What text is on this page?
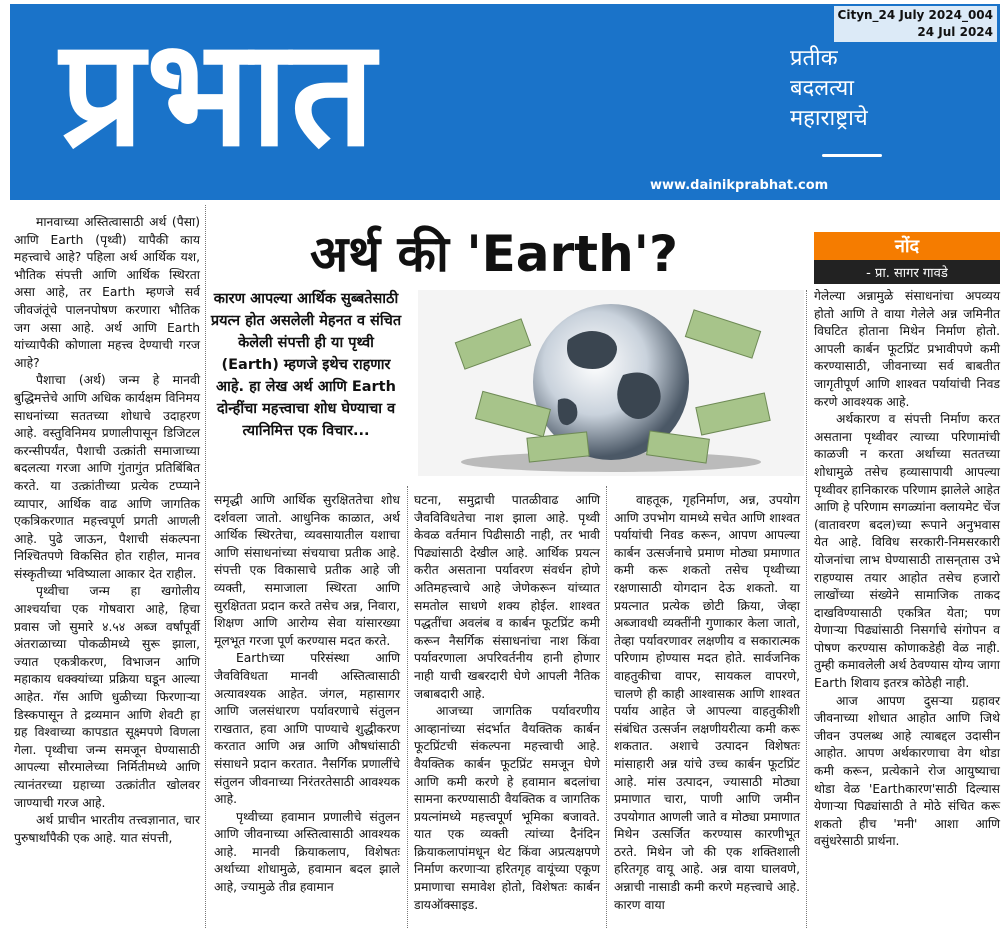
प्रभात	प्रतीक
बदलत्या
महाराष्ट्राचे
www.dainikprabhat.com
Cityn_24 July 2024_004
24 Jul 2024

मानवाच्या अस्तित्वासाठी अर्थ (पैसा) आणि Earth (पृथ्वी) यापैकी काय महत्त्वाचे आहे? पहिला अर्थ आर्थिक यश, भौतिक संपत्ती आणि आर्थिक स्थिरता असा आहे, तर Earth म्हणजे सर्व जीवजंतूंचे पालनपोषण करणारा भौतिक जग असा आहे. अर्थ आणि Earth यांच्यापैकी कोणाला महत्त्व देण्याची गरज आहे?

पैशाचा (अर्थ) जन्म हे मानवी बुद्धिमत्तेचे आणि अधिक कार्यक्षम विनिमय साधनांच्या सततच्या शोधाचे उदाहरण आहे. वस्तुविनिमय प्रणालीपासून डिजिटल करन्सीपर्यंत, पैशाची उत्क्रांती समाजाच्या बदलत्या गरजा आणि गुंतागुंत प्रतिबिंबित करते. या उत्क्रांतीच्या प्रत्येक टप्प्याने व्यापार, आर्थिक वाढ आणि जागतिक एकत्रिकरणात महत्त्वपूर्ण प्रगती आणली आहे. पुढे जाऊन, पैशाची संकल्पना निश्चितपणे विकसित होत राहील, मानव संस्कृतीच्या भविष्याला आकार देत राहील.

पृथ्वीचा जन्म हा खगोलीय आश्चर्याचा एक गोषवारा आहे, हिचा प्रवास जो सुमारे ४.५४ अब्ज वर्षांपूर्वी अंतराळाच्या पोकळीमध्ये सुरू झाला, ज्यात एकत्रीकरण, विभाजन आणि महाकाय धक्क्यांच्या प्रक्रिया घडून आल्या आहेत. गॅस आणि धुळीच्या फिरणाऱ्या डिस्कपासून ते द्रव्यमान आणि शेवटी हा ग्रह विश्वाच्या कापडात सूक्ष्मपणे विणला गेला. पृथ्वीचा जन्म समजून घेण्यासाठी आपल्या सौरमालेच्या निर्मितीमध्ये आणि त्यानंतरच्या ग्रहाच्या उत्क्रांतीत खोलवर जाण्याची गरज आहे.

अर्थ प्राचीन भारतीय तत्त्वज्ञानात, चार पुरुषार्थांपैकी एक आहे. यात संपत्ती,

अर्थ की 'Earth'?
कारण आपल्या आर्थिक सुब्बतेसाठी प्रयत्न होत असलेली मेहनत व संचित केलेली संपत्ती ही या पृथ्वी (Earth) म्हणजे इथेच राहणार आहे. हा लेख अर्थ आणि Earth दोन्हींचा महत्त्वाचा शोध घेण्याचा व त्यानिमित्त एक विचार...
नोंद
- प्रा. सागर गावडे

समृद्धी आणि आर्थिक सुरक्षिततेचा शोध दर्शवला जातो. आधुनिक काळात, अर्थ आर्थिक स्थिरतेचा, व्यवसायातील यशाचा आणि संसाधनांच्या संचयाचा प्रतीक आहे. संपत्ती एक विकासाचे प्रतीक आहे जी व्यक्ती, समाजाला स्थिरता आणि सुरक्षितता प्रदान करते तसेच अन्न, निवारा, शिक्षण आणि आरोग्य सेवा यांसारख्या मूलभूत गरजा पूर्ण करण्यास मदत करते.

Earthच्या परिसंस्था आणि जैवविविधता मानवी अस्तित्वासाठी अत्यावश्यक आहेत. जंगल, महासागर आणि जलसंधारण पर्यावरणाचे संतुलन राखतात, हवा आणि पाण्याचे शुद्धीकरण करतात आणि अन्न आणि औषधांसाठी संसाधने प्रदान करतात. नैसर्गिक प्रणालींचे संतुलन जीवनाच्या निरंतरतेसाठी आवश्यक आहे.

पृथ्वीच्या हवामान प्रणालीचे संतुलन आणि जीवनाच्या अस्तित्वासाठी आवश्यक आहे. मानवी क्रियाकलाप, विशेषतः अर्थाच्या शोधामुळे, हवामान बदल झाले आहे, ज्यामुळे तीव्र हवामान

घटना, समुद्राची पातळीवाढ आणि जैवविविधतेचा नाश झाला आहे. पृथ्वी केवळ वर्तमान पिढीसाठी नाही, तर भावी पिढ्यांसाठी देखील आहे. आर्थिक प्रयत्न करीत असताना पर्यावरण संवर्धन होणे अतिमहत्त्वाचे आहे जेणेकरून यांच्यात समतोल साधणे शक्य होईल. शाश्वत पद्धतींचा अवलंब व कार्बन फूटप्रिंट कमी करून नैसर्गिक संसाधनांचा नाश किंवा पर्यावरणाला अपरिवर्तनीय हानी होणार नाही याची खबरदारी घेणे आपली नैतिक जबाबदारी आहे.

आजच्या जागतिक पर्यावरणीय आव्हानांच्या संदर्भात वैयक्तिक कार्बन फूटप्रिंटची संकल्पना महत्त्वाची आहे. वैयक्तिक कार्बन फूटप्रिंट समजून घेणे आणि कमी करणे हे हवामान बदलांचा सामना करण्यासाठी वैयक्तिक व जागतिक प्रयत्नांमध्ये महत्त्वपूर्ण भूमिका बजावते. यात एक व्यक्ती त्यांच्या दैनंदिन क्रियाकलापांमधून थेट किंवा अप्रत्यक्षपणे निर्माण करणाऱ्या हरितगृह वायूंच्या एकूण प्रमाणाचा समावेश होतो, विशेषतः कार्बन डायऑक्साइड.

वाहतूक, गृहनिर्माण, अन्न, उपयोग आणि उपभोग यामध्ये सचेत आणि शाश्वत पर्यायांची निवड करून, आपण आपल्या कार्बन उत्सर्जनाचे प्रमाण मोठ्या प्रमाणात कमी करू शकतो तसेच पृथ्वीच्या रक्षणासाठी योगदान देऊ शकतो. या प्रयत्नात प्रत्येक छोटी क्रिया, जेव्हा अब्जावधी व्यक्तींनी गुणाकार केला जातो, तेव्हा पर्यावरणावर लक्षणीय व सकारात्मक परिणाम होण्यास मदत होते. सार्वजनिक वाहतुकीचा वापर, सायकल वापरणे, चालणे ही काही आश्वासक आणि शाश्वत पर्याय आहेत जे आपल्या वाहतुकीशी संबंधित उत्सर्जन लक्षणीयरीत्या कमी करू शकतात. अशाचे उत्पादन विशेषतः मांसाहारी अन्न यांचे उच्च कार्बन फूटप्रिंट आहे. मांस उत्पादन, ज्यासाठी मोठ्या प्रमाणात चारा, पाणी आणि जमीन उपयोगात आणली जाते व मोठ्या प्रमाणात मिथेन उत्सर्जित करण्यास कारणीभूत ठरते. मिथेन जो की एक शक्तिशाली हरितगृह वायू आहे. अन्न वाया घालवणे, अन्नाची नासाडी कमी करणे महत्त्वाचे आहे. कारण वाया

गेलेल्या अन्नामुळे संसाधनांचा अपव्यय होतो आणि ते वाया गेलेले अन्न जमिनीत विघटित होताना मिथेन निर्माण होतो. आपली कार्बन फूटप्रिंट प्रभावीपणे कमी करण्यासाठी, जीवनाच्या सर्व बाबतीत जागृतीपूर्ण आणि शाश्वत पर्यायांची निवड करणे आवश्यक आहे.

अर्थकारण व संपत्ती निर्माण करत असताना पृथ्वीवर त्याच्या परिणामांची काळजी न करता अर्थाच्या सततच्या शोधामुळे तसेच हव्यासापायी आपल्या पृथ्वीवर हानिकारक परिणाम झालेले आहेत आणि हे परिणाम सगळ्यांना क्लायमेट चेंज (वातावरण बदल)च्या रूपाने अनुभवास येत आहे. विविध सरकारी-निमसरकारी योजनांचा लाभ घेण्यासाठी तासन्‌तास उभे राहण्यास तयार आहोत तसेच हजारो लाखोंच्या संख्येने सामाजिक ताकद दाखविण्यासाठी एकत्रित येता; पण येणाऱ्या पिढ्यांसाठी निसर्गाचे संगोपन व पोषण करण्यास कोणाकडेही वेळ नाही. तुम्ही कमावलेली अर्थ ठेवण्यास योग्य जागा Earth शिवाय इतरत्र कोठेही नाही.

आज आपण दुसऱ्या ग्रहावर जीवनाच्या शोधात आहोत आणि जिथे जीवन उपलब्ध आहे त्याबद्दल उदासीन आहोत. आपण अर्थकारणाचा वेग थोडा कमी करून, प्रत्येकाने रोज आयुष्याचा थोडा वेळ 'Earthकारण'साठी दिल्यास येणाऱ्या पिढ्यांसाठी ते मोठे संचित करू शकतो हीच 'मनी' आशा आणि वसुंधरेसाठी प्रार्थना.
